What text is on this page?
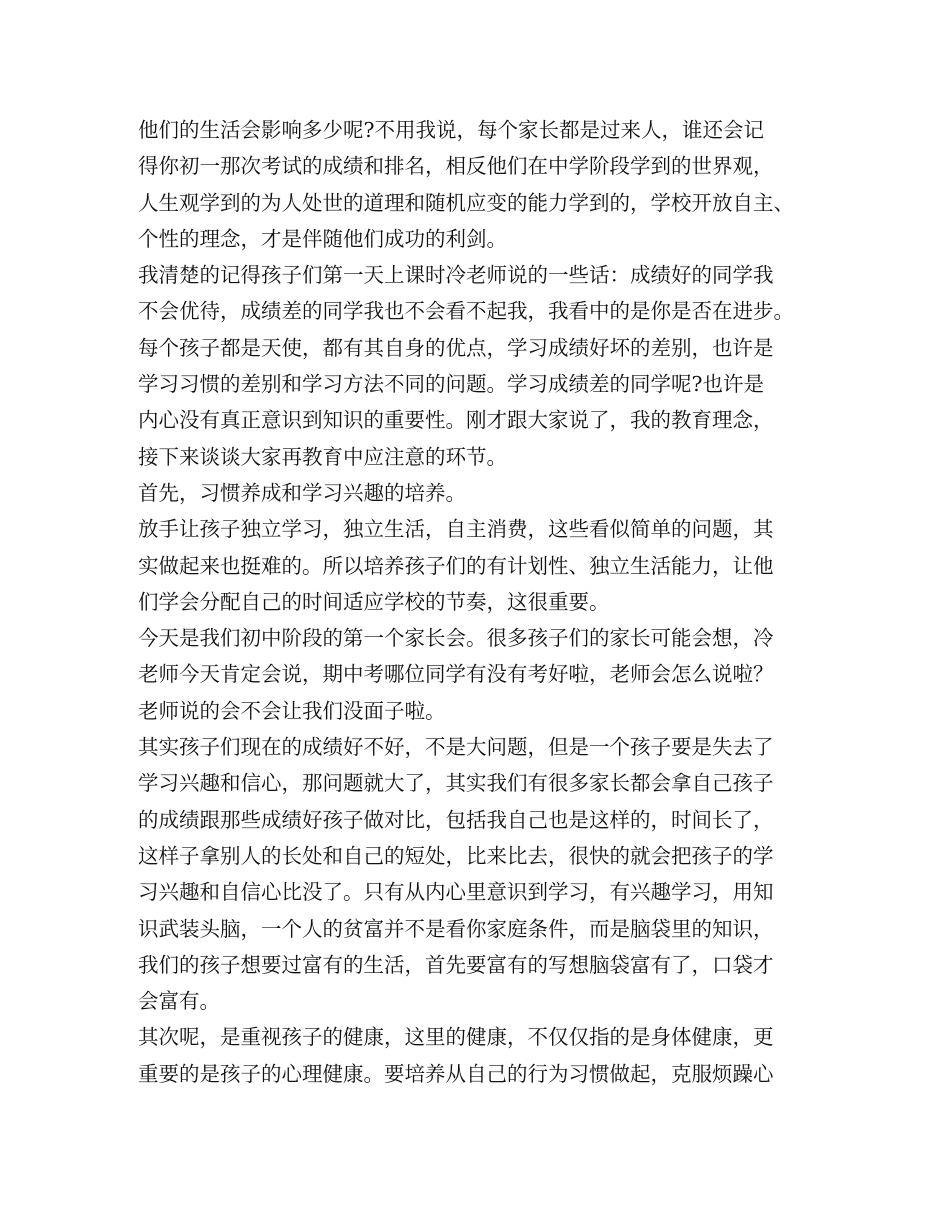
他们的生活会影响多少呢?不用我说，每个家长都是过来人，谁还会记
得你初一那次考试的成绩和排名，相反他们在中学阶段学到的世界观，
人生观学到的为人处世的道理和随机应变的能力学到的，学校开放自主、
个性的理念，才是伴随他们成功的利剑。
我清楚的记得孩子们第一天上课时冷老师说的一些话：成绩好的同学我
不会优待，成绩差的同学我也不会看不起我，我看中的是你是否在进步。
每个孩子都是天使，都有其自身的优点，学习成绩好坏的差别，也许是
学习习惯的差别和学习方法不同的问题。学习成绩差的同学呢?也许是
内心没有真正意识到知识的重要性。刚才跟大家说了，我的教育理念，
接下来谈谈大家再教育中应注意的环节。
首先，习惯养成和学习兴趣的培养。
放手让孩子独立学习，独立生活，自主消费，这些看似简单的问题，其
实做起来也挺难的。所以培养孩子们的有计划性、独立生活能力，让他
们学会分配自己的时间适应学校的节奏，这很重要。
今天是我们初中阶段的第一个家长会。很多孩子们的家长可能会想，冷
老师今天肯定会说，期中考哪位同学有没有考好啦，老师会怎么说啦？
老师说的会不会让我们没面子啦。
其实孩子们现在的成绩好不好，不是大问题，但是一个孩子要是失去了
学习兴趣和信心，那问题就大了，其实我们有很多家长都会拿自己孩子
的成绩跟那些成绩好孩子做对比，包括我自己也是这样的，时间长了，
这样子拿别人的长处和自己的短处，比来比去，很快的就会把孩子的学
习兴趣和自信心比没了。只有从内心里意识到学习，有兴趣学习，用知
识武装头脑，一个人的贫富并不是看你家庭条件，而是脑袋里的知识，
我们的孩子想要过富有的生活，首先要富有的写想脑袋富有了，口袋才
会富有。
其次呢，是重视孩子的健康，这里的健康，不仅仅指的是身体健康，更
重要的是孩子的心理健康。要培养从自己的行为习惯做起，克服烦躁心
